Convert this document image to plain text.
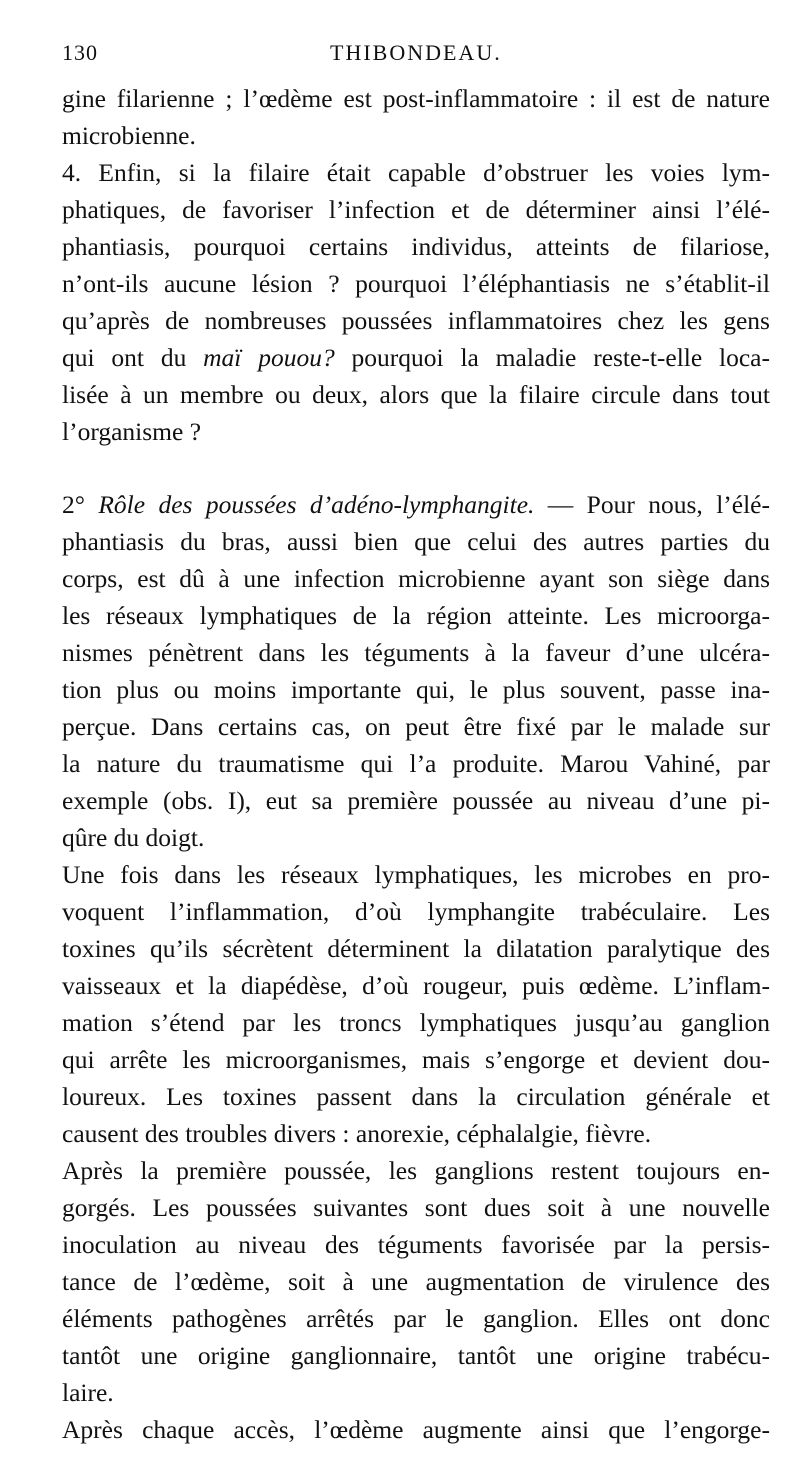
130	THIBONDEAU.
gine filarienne ; l’œdème est post-inflammatoire : il est de nature
microbienne.
4. Enfin, si la filaire était capable d’obstruer les voies lym-
phatiques, de favoriser l’infection et de déterminer ainsi l’élé-
phantiasis, pourquoi certains individus, atteints de filariose,
n’ont-ils aucune lésion ? pourquoi l’éléphantiasis ne s’établit-il
qu’après de nombreuses poussées inflammatoires chez les gens
qui ont du maï pouou? pourquoi la maladie reste-t-elle loca-
lisée à un membre ou deux, alors que la filaire circule dans tout
l’organisme ?
2° Rôle des poussées d’adéno-lymphangite. — Pour nous, l’élé-
phantiasis du bras, aussi bien que celui des autres parties du
corps, est dû à une infection microbienne ayant son siège dans
les réseaux lymphatiques de la région atteinte. Les microorga-
nismes pénètrent dans les téguments à la faveur d’une ulcéra-
tion plus ou moins importante qui, le plus souvent, passe ina-
perçue. Dans certains cas, on peut être fixé par le malade sur
la nature du traumatisme qui l’a produite. Marou Vahiné, par
exemple (obs. I), eut sa première poussée au niveau d’une pi-
qûre du doigt.
Une fois dans les réseaux lymphatiques, les microbes en pro-
voquent l’inflammation, d’où lymphangite trabéculaire. Les
toxines qu’ils sécrètent déterminent la dilatation paralytique des
vaisseaux et la diapédèse, d’où rougeur, puis œdème. L’inflam-
mation s’étend par les troncs lymphatiques jusqu’au ganglion
qui arrête les microorganismes, mais s’engorge et devient dou-
loureux. Les toxines passent dans la circulation générale et
causent des troubles divers : anorexie, céphalalgie, fièvre.
Après la première poussée, les ganglions restent toujours en-
gorgés. Les poussées suivantes sont dues soit à une nouvelle
inoculation au niveau des téguments favorisée par la persis-
tance de l’œdème, soit à une augmentation de virulence des
éléments pathogènes arrêtés par le ganglion. Elles ont donc
tantôt une origine ganglionnaire, tantôt une origine trabécu-
laire.
Après chaque accès, l’œdème augmente ainsi que l’engorge-
